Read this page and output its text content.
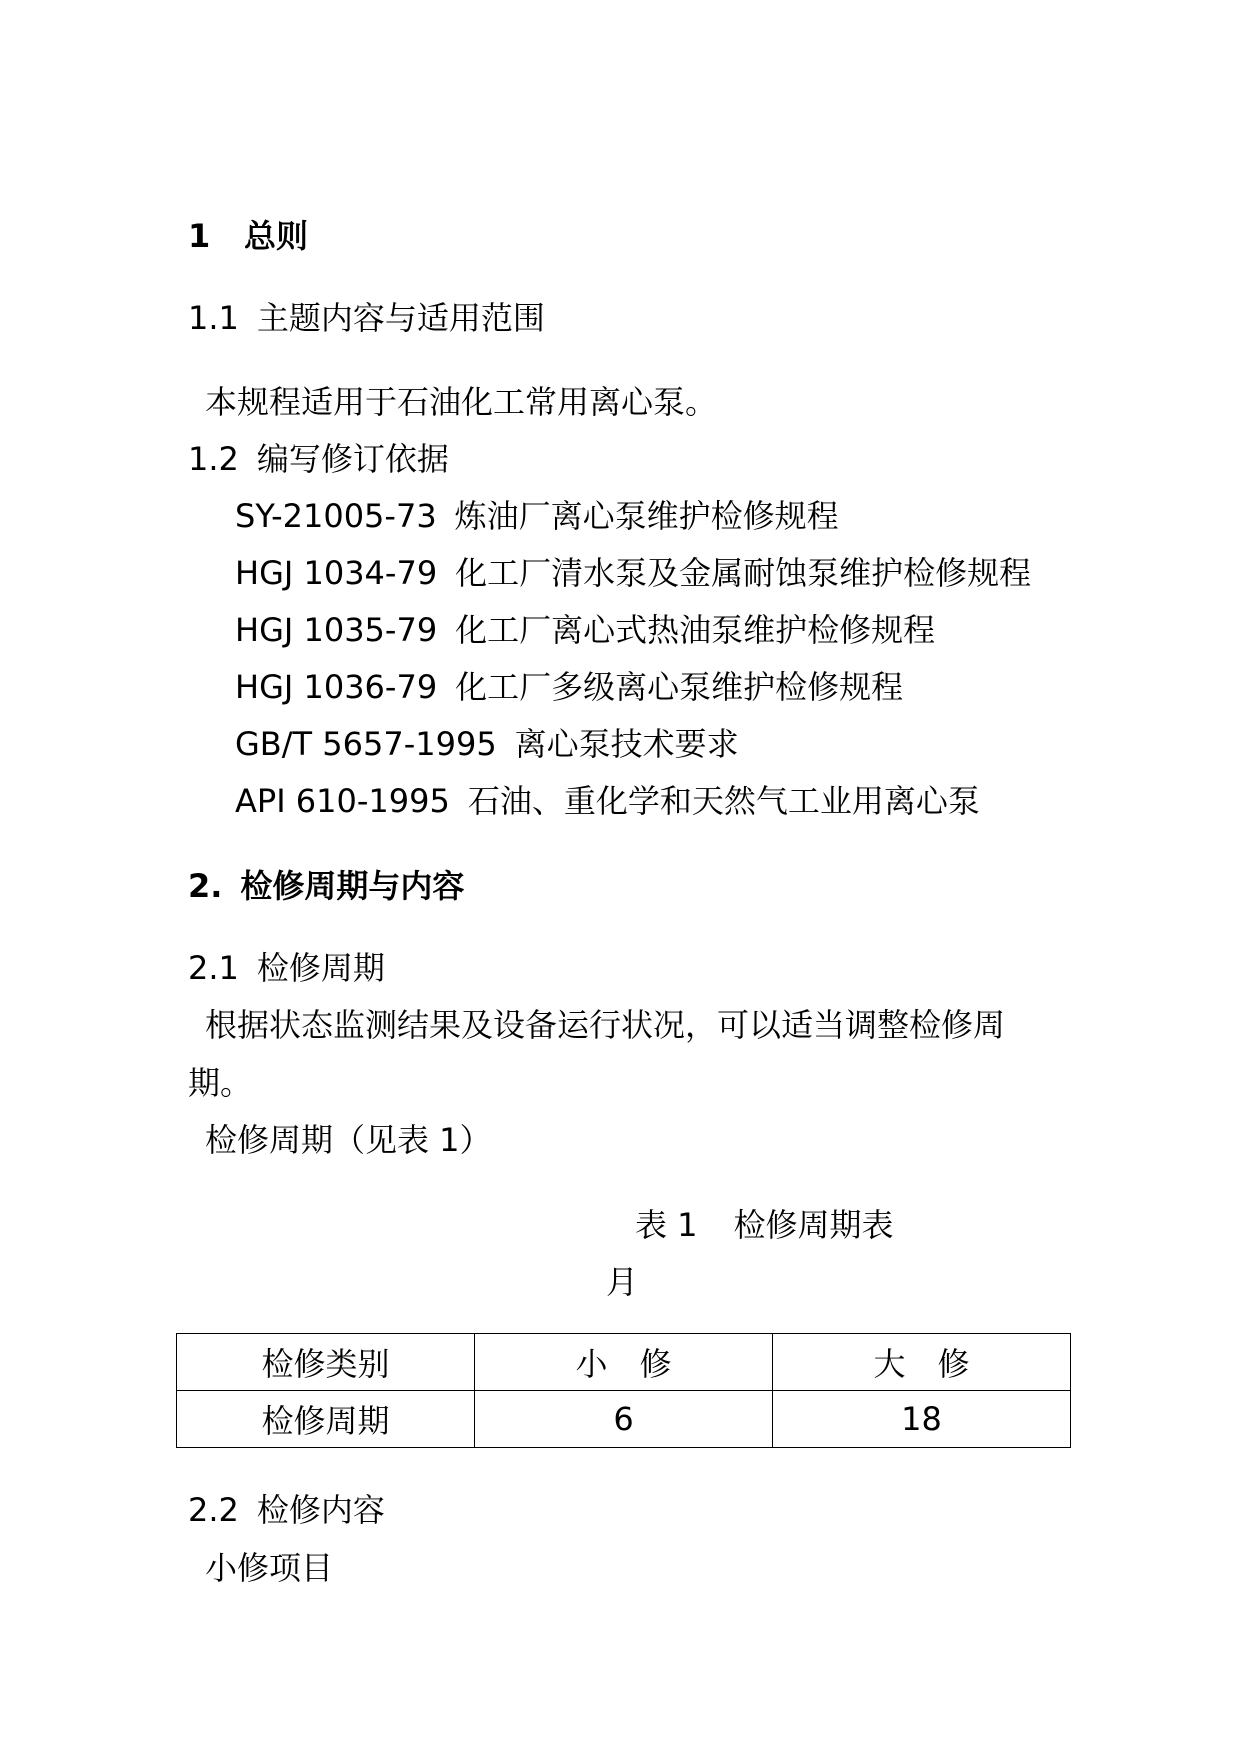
1 总则
1.1 主题内容与适用范围
本规程适用于石油化工常用离心泵。
1.2 编写修订依据
SY-21005-73 炼油厂离心泵维护检修规程
HGJ 1034-79 化工厂清水泵及金属耐蚀泵维护检修规程
HGJ 1035-79 化工厂离心式热油泵维护检修规程
HGJ 1036-79 化工厂多级离心泵维护检修规程
GB/T 5657-1995 离心泵技术要求
API 610-1995 石油、重化学和天然气工业用离心泵
2. 检修周期与内容
2.1 检修周期
根据状态监测结果及设备运行状况，可以适当调整检修周
期。
检修周期（见表 1）
表 1 检修周期表
月
检修类别	小　修	大　修
检修周期	6	18
2.2 检修内容
小修项目
